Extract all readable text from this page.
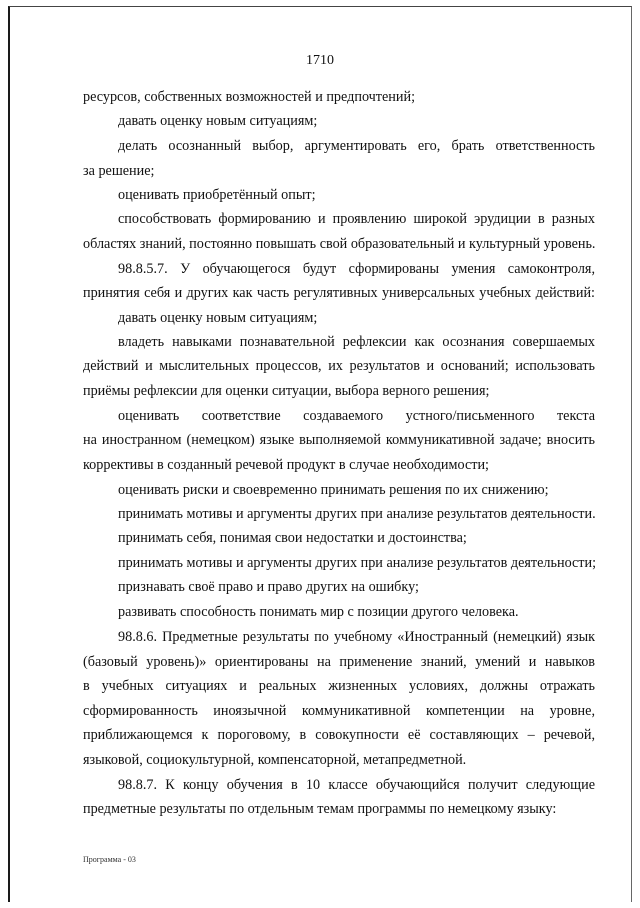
1710
ресурсов, собственных возможностей и предпочтений;
давать оценку новым ситуациям;
делать осознанный выбор, аргументировать его, брать ответственность
за решение;
оценивать приобретённый опыт;
способствовать формированию и проявлению широкой эрудиции в разных
областях знаний, постоянно повышать свой образовательный и культурный уровень.
98.8.5.7. У обучающегося будут сформированы умения самоконтроля,
принятия себя и других как часть регулятивных универсальных учебных действий:
давать оценку новым ситуациям;
владеть навыками познавательной рефлексии как осознания совершаемых
действий и мыслительных процессов, их результатов и оснований; использовать
приёмы рефлексии для оценки ситуации, выбора верного решения;
оценивать соответствие создаваемого устного/письменного текста
на иностранном (немецком) языке выполняемой коммуникативной задаче; вносить
коррективы в созданный речевой продукт в случае необходимости;
оценивать риски и своевременно принимать решения по их снижению;
принимать мотивы и аргументы других при анализе результатов деятельности.
принимать себя, понимая свои недостатки и достоинства;
принимать мотивы и аргументы других при анализе результатов деятельности;
признавать своё право и право других на ошибку;
развивать способность понимать мир с позиции другого человека.
98.8.6. Предметные результаты по учебному «Иностранный (немецкий) язык
(базовый уровень)» ориентированы на применение знаний, умений и навыков
в учебных ситуациях и реальных жизненных условиях, должны отражать
сформированность иноязычной коммуникативной компетенции на уровне,
приближающемся к пороговому, в совокупности её составляющих – речевой,
языковой, социокультурной, компенсаторной, метапредметной.
98.8.7. К концу обучения в 10 классе обучающийся получит следующие
предметные результаты по отдельным темам программы по немецкому языку:
Программа - 03
